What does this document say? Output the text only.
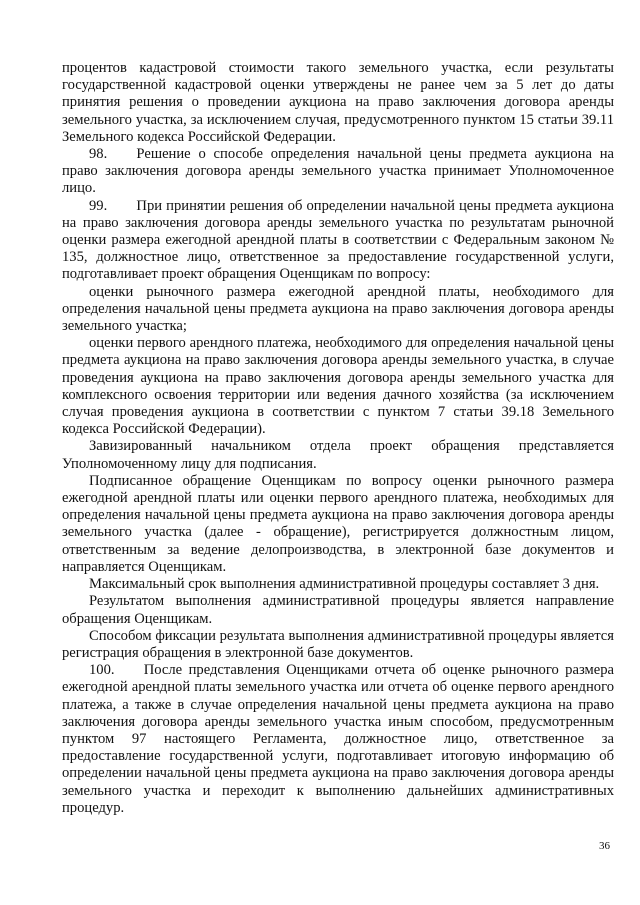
процентов кадастровой стоимости такого земельного участка, если результаты государственной кадастровой оценки утверждены не ранее чем за 5 лет до даты принятия решения о проведении аукциона на право заключения договора аренды земельного участка, за исключением случая, предусмотренного пунктом 15 статьи 39.11 Земельного кодекса Российской Федерации.

98.  Решение о способе определения начальной цены предмета аукциона на право заключения договора аренды земельного участка принимает Уполномоченное лицо.

99.  При принятии решения об определении начальной цены предмета аукциона на право заключения договора аренды земельного участка по результатам рыночной оценки размера ежегодной арендной платы в соответствии с Федеральным законом № 135, должностное лицо, ответственное за предоставление государственной услуги, подготавливает проект обращения Оценщикам по вопросу:

оценки рыночного размера ежегодной арендной платы, необходимого для определения начальной цены предмета аукциона на право заключения договора аренды земельного участка;

оценки первого арендного платежа, необходимого для определения начальной цены предмета аукциона на право заключения договора аренды земельного участка, в случае проведения аукциона на право заключения договора аренды земельного участка для комплексного освоения территории или ведения дачного хозяйства (за исключением случая проведения аукциона в соответствии с пунктом 7 статьи 39.18 Земельного кодекса Российской Федерации).

Завизированный начальником отдела проект обращения представляется Уполномоченному лицу для подписания.

Подписанное обращение Оценщикам по вопросу оценки рыночного размера ежегодной арендной платы или оценки первого арендного платежа, необходимых для определения начальной цены предмета аукциона на право заключения договора аренды земельного участка (далее - обращение), регистрируется должностным лицом, ответственным за ведение делопроизводства, в электронной базе документов и направляется Оценщикам.

Максимальный срок выполнения административной процедуры составляет 3 дня.

Результатом выполнения административной процедуры является направление обращения Оценщикам.

Способом фиксации результата выполнения административной процедуры является регистрация обращения в электронной базе документов.

100.  После представления Оценщиками отчета об оценке рыночного размера ежегодной арендной платы земельного участка или отчета об оценке первого арендного платежа, а также в случае определения начальной цены предмета аукциона на право заключения договора аренды земельного участка иным способом, предусмотренным пунктом 97 настоящего Регламента, должностное лицо, ответственное за предоставление государственной услуги, подготавливает итоговую информацию об определении начальной цены предмета аукциона на право заключения договора аренды земельного участка и переходит к выполнению дальнейших административных процедур.

36
